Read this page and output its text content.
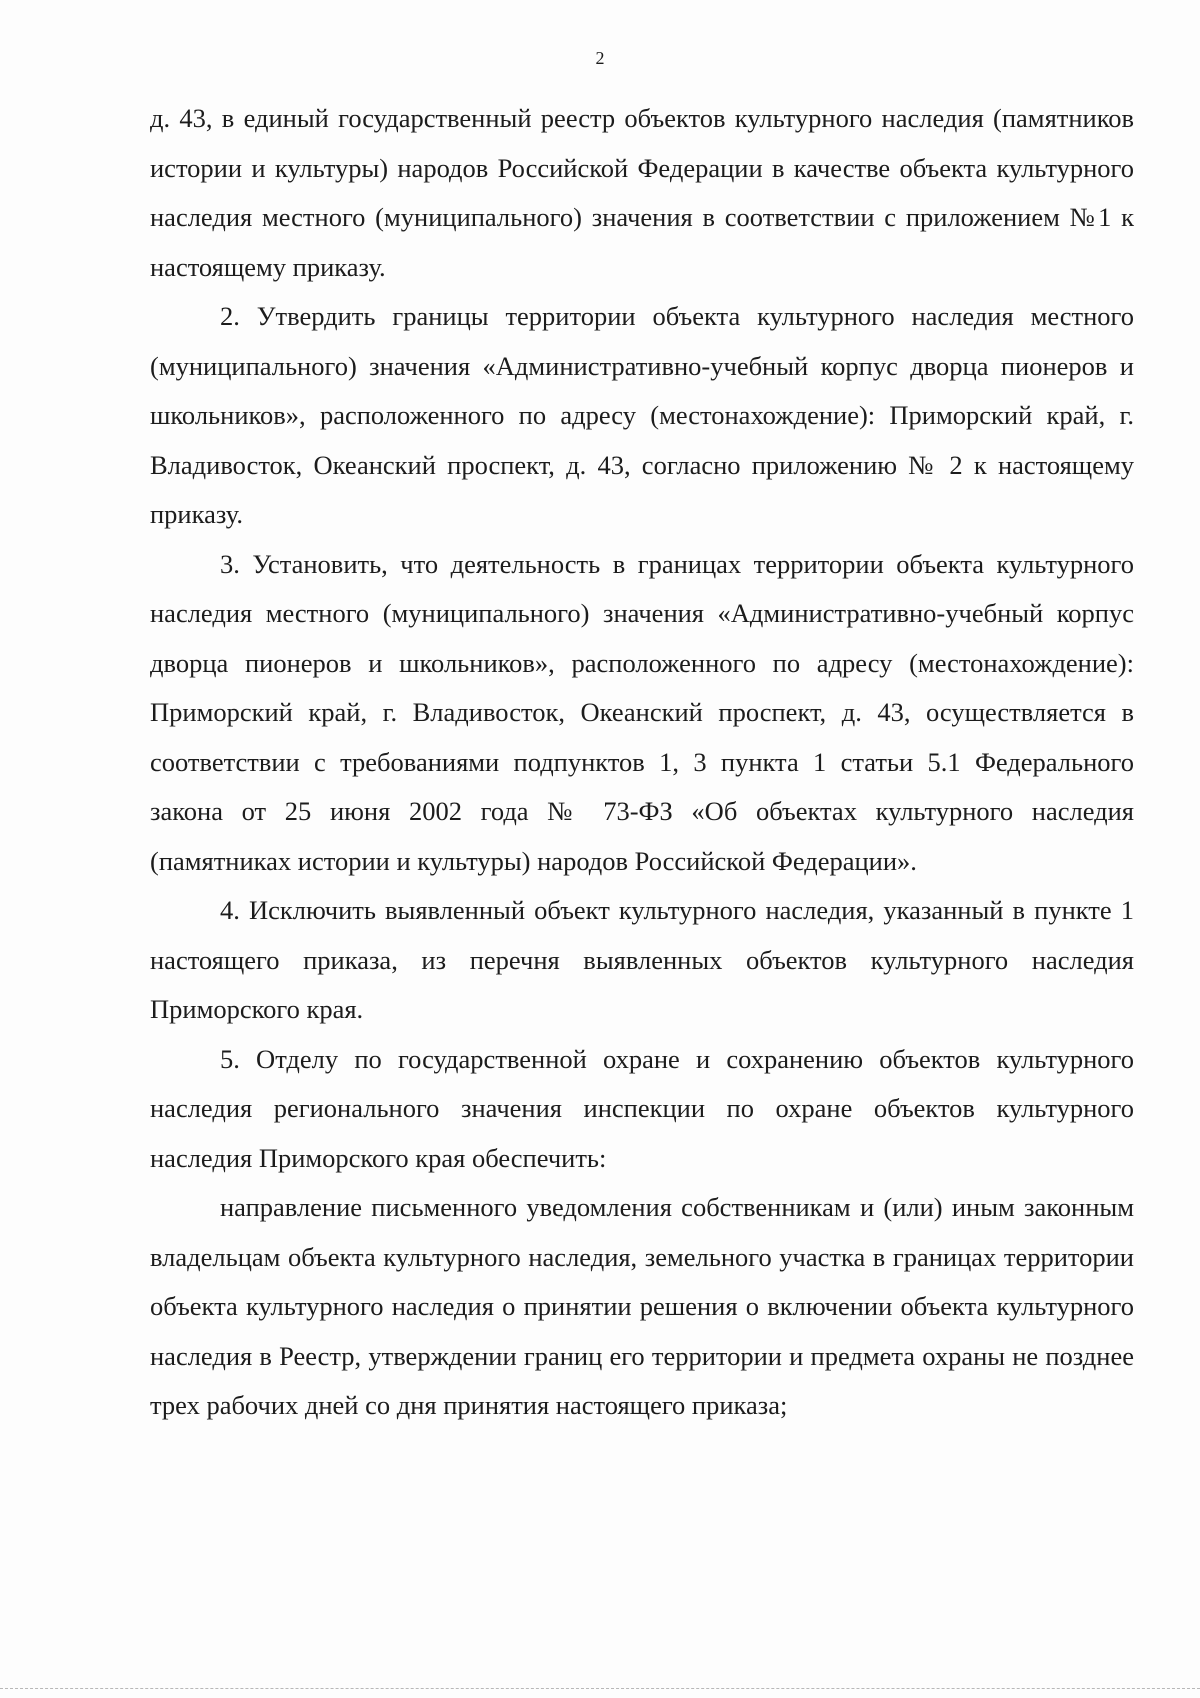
2

д. 43, в единый государственный реестр объектов культурного наследия (памятников истории и культуры) народов Российской Федерации в качестве объекта культурного наследия местного (муниципального) значения в соответствии с приложением №1 к настоящему приказу.

2. Утвердить границы территории объекта культурного наследия местного (муниципального) значения «Административно-учебный корпус дворца пионеров и школьников», расположенного по адресу (местонахождение): Приморский край, г. Владивосток, Океанский проспект, д. 43, согласно приложению № 2 к настоящему приказу.

3. Установить, что деятельность в границах территории объекта культурного наследия местного (муниципального) значения «Административно-учебный корпус дворца пионеров и школьников», расположенного по адресу (местонахождение): Приморский край, г. Владивосток, Океанский проспект, д. 43, осуществляется в соответствии с требованиями подпунктов 1, 3 пункта 1 статьи 5.1 Федерального закона от 25 июня 2002 года № 73-ФЗ «Об объектах культурного наследия (памятниках истории и культуры) народов Российской Федерации».

4. Исключить выявленный объект культурного наследия, указанный в пункте 1 настоящего приказа, из перечня выявленных объектов культурного наследия Приморского края.

5. Отделу по государственной охране и сохранению объектов культурного наследия регионального значения инспекции по охране объектов культурного наследия Приморского края обеспечить:

направление письменного уведомления собственникам и (или) иным законным владельцам объекта культурного наследия, земельного участка в границах территории объекта культурного наследия о принятии решения о включении объекта культурного наследия в Реестр, утверждении границ его территории и предмета охраны не позднее трех рабочих дней со дня принятия настоящего приказа;
